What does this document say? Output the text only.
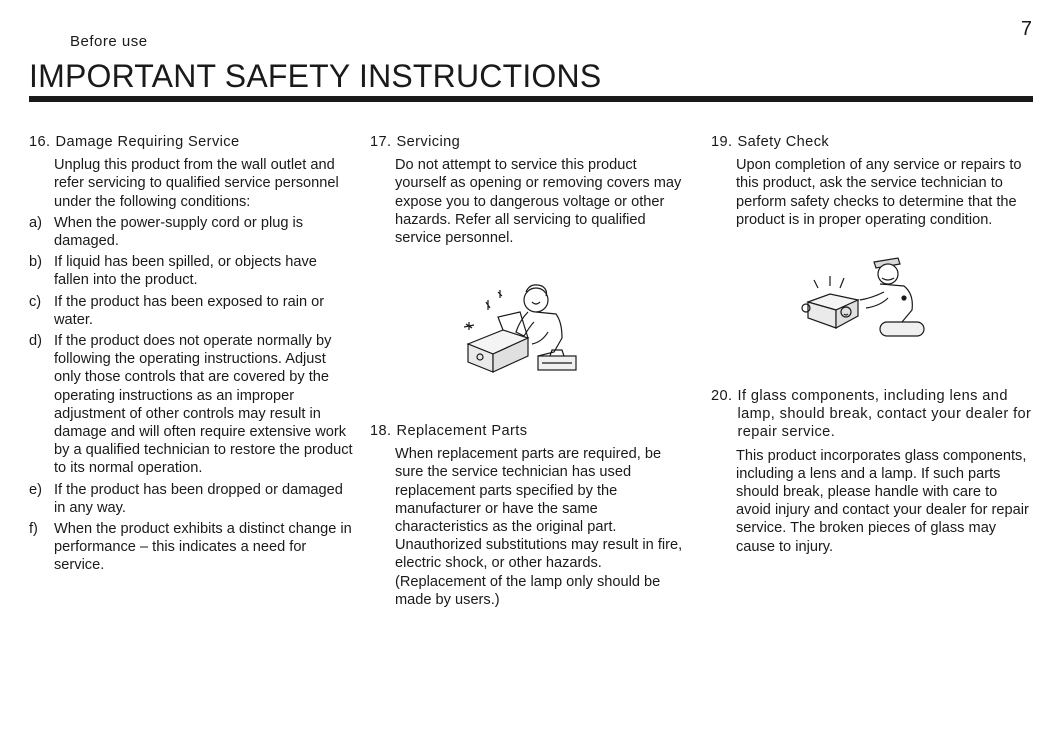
7
Before use
IMPORTANT SAFETY INSTRUCTIONS
16. Damage Requiring Service
Unplug this product from the wall outlet and refer servicing to qualified service personnel under the following conditions:
a) When the power-supply cord or plug is damaged.
b) If liquid has been spilled, or objects have fallen into the product.
c) If the product has been exposed to rain or water.
d) If the product does not operate normally by following the operating instructions. Adjust only those controls that are covered by the operating instructions as an improper adjustment of other controls may result in damage and will often require extensive work by a qualified technician to restore the product to its normal operation.
e) If the product has been dropped or damaged in any way.
f)	When the product exhibits a distinct change in performance – this indicates a need for service.
17. Servicing
Do not attempt to service this product yourself as opening or removing covers may expose you to dangerous voltage or other hazards. Refer all servicing to qualified service personnel.
18. Replacement Parts
When replacement parts are required, be sure the service technician has used replacement parts specified by the manufacturer or have the same characteristics as the original part. Unauthorized substitutions may result in fire, electric shock, or other hazards. (Replacement of the lamp only should be made by users.)
19. Safety Check
Upon completion of any service or repairs to this product, ask the service technician to perform safety checks to determine that the product is in proper operating condition.
20. If glass components, including lens and lamp, should break, contact your dealer for repair service.
This product incorporates glass components, including a lens and a lamp. If such parts should break, please handle with care to avoid injury and contact your dealer for repair service. The broken pieces of glass may cause to injury.
